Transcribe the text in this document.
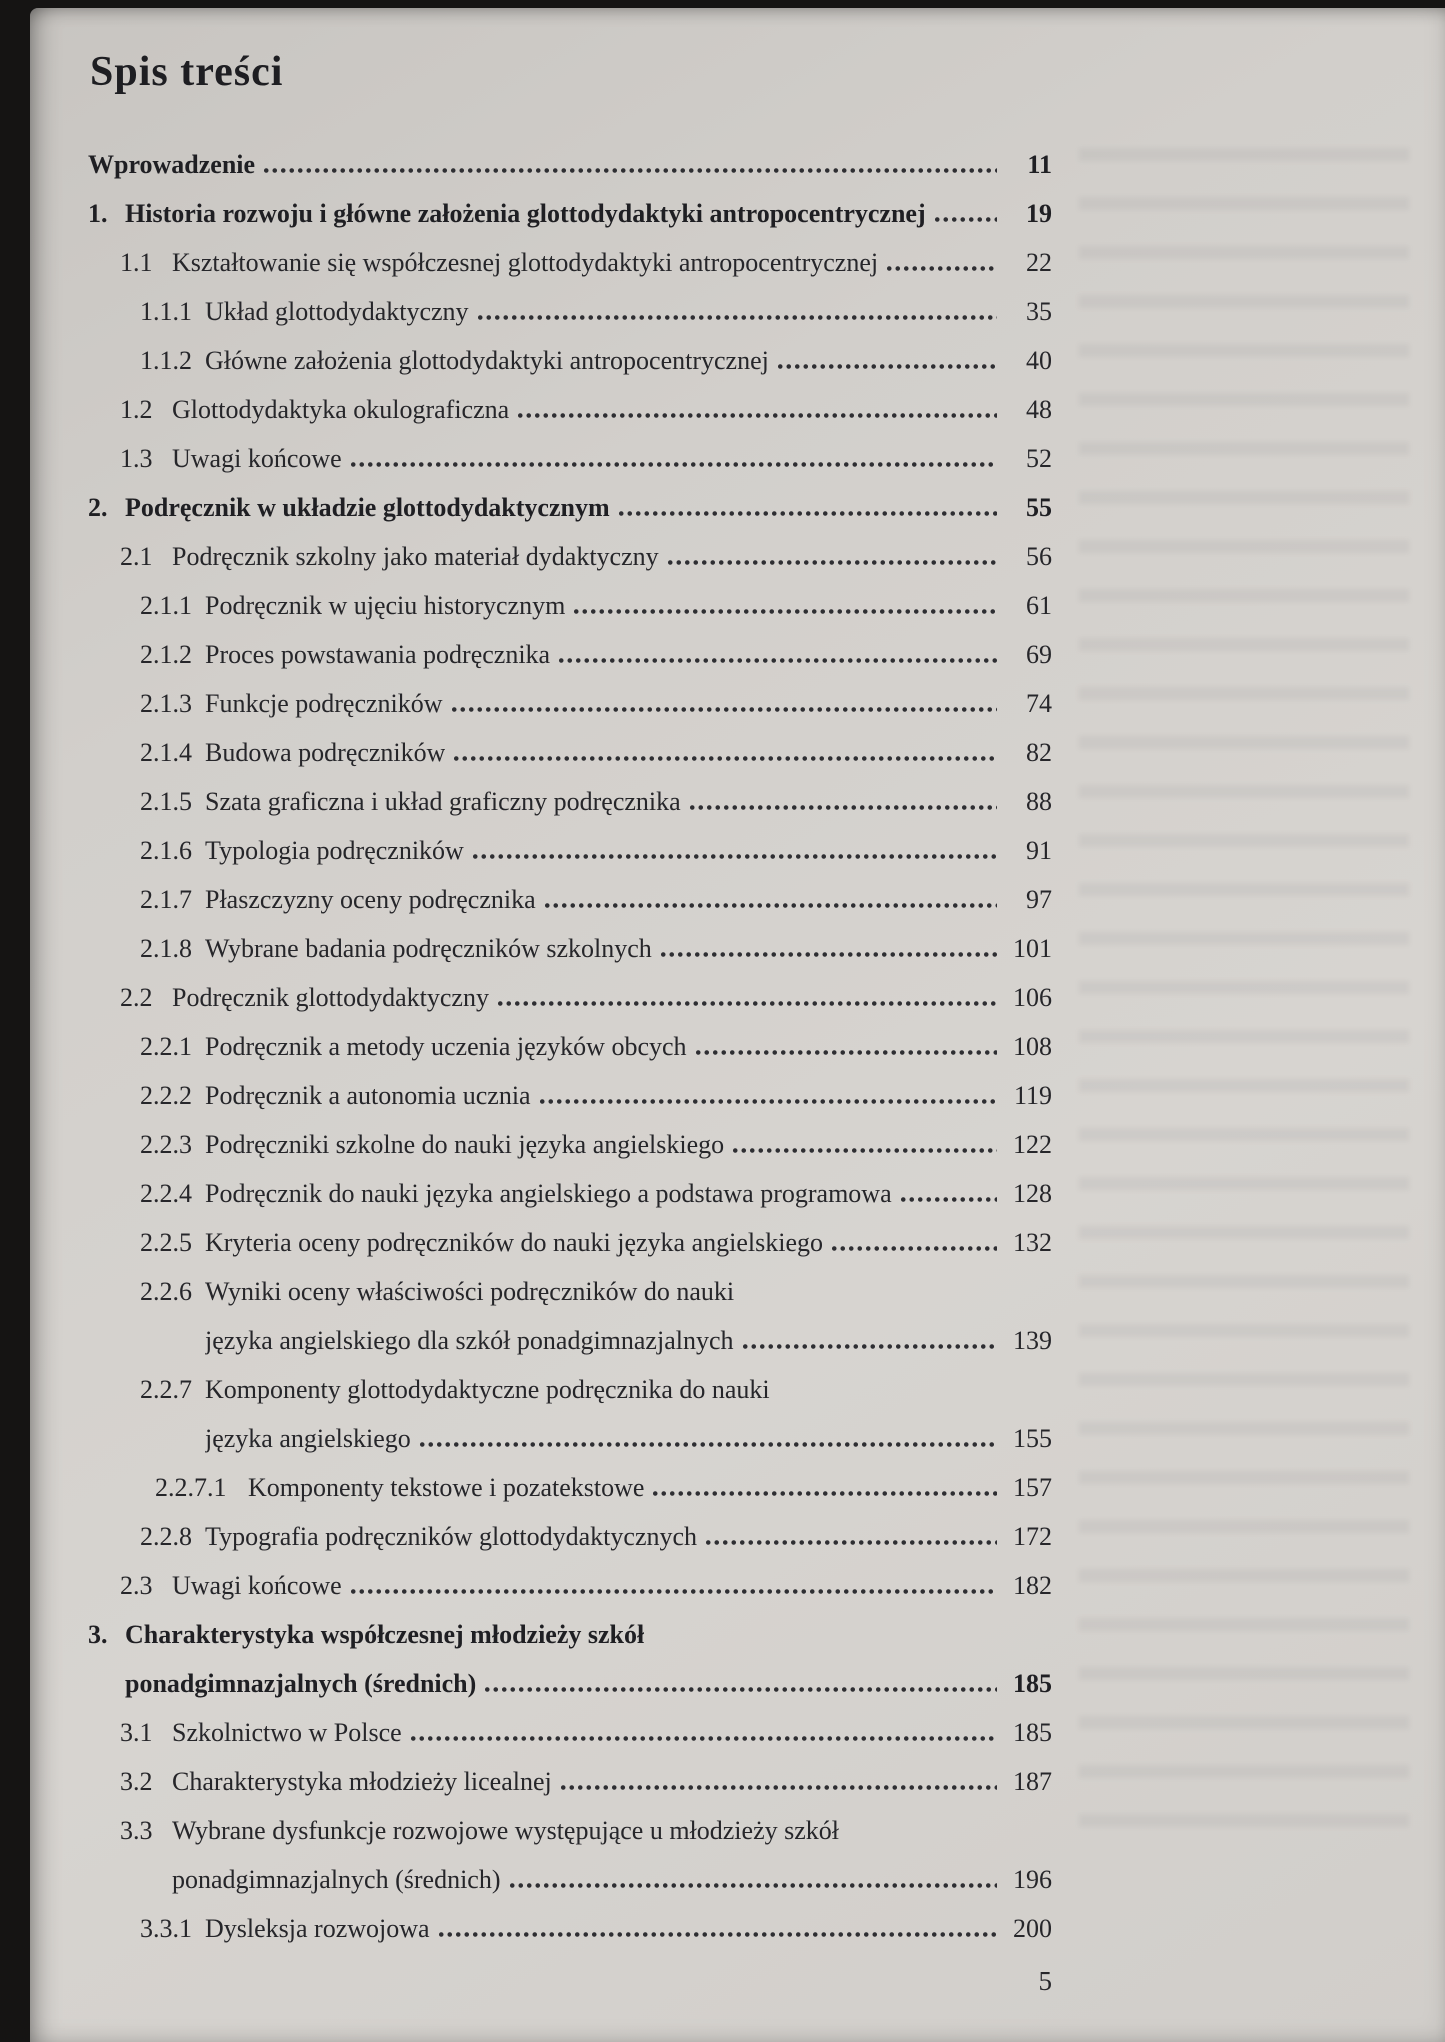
Spis treści
Wprowadzenie	11
1. Historia rozwoju i główne założenia glottodydaktyki antropocentrycznej	19
1.1 Kształtowanie się współczesnej glottodydaktyki antropocentrycznej	22
1.1.1 Układ glottodydaktyczny	35
1.1.2 Główne założenia glottodydaktyki antropocentrycznej	40
1.2 Glottodydaktyka okulograficzna	48
1.3 Uwagi końcowe	52
2. Podręcznik w układzie glottodydaktycznym	55
2.1 Podręcznik szkolny jako materiał dydaktyczny	56
2.1.1 Podręcznik w ujęciu historycznym	61
2.1.2 Proces powstawania podręcznika	69
2.1.3 Funkcje podręczników	74
2.1.4 Budowa podręczników	82
2.1.5 Szata graficzna i układ graficzny podręcznika	88
2.1.6 Typologia podręczników	91
2.1.7 Płaszczyzny oceny podręcznika	97
2.1.8 Wybrane badania podręczników szkolnych	101
2.2 Podręcznik glottodydaktyczny	106
2.2.1 Podręcznik a metody uczenia języków obcych	108
2.2.2 Podręcznik a autonomia ucznia	119
2.2.3 Podręczniki szkolne do nauki języka angielskiego	122
2.2.4 Podręcznik do nauki języka angielskiego a podstawa programowa	128
2.2.5 Kryteria oceny podręczników do nauki języka angielskiego	132
2.2.6 Wyniki oceny właściwości podręczników do nauki
języka angielskiego dla szkół ponadgimnazjalnych	139
2.2.7 Komponenty glottodydaktyczne podręcznika do nauki
języka angielskiego	155
2.2.7.1 Komponenty tekstowe i pozatekstowe	157
2.2.8 Typografia podręczników glottodydaktycznych	172
2.3 Uwagi końcowe	182
3. Charakterystyka współczesnej młodzieży szkół
ponadgimnazjalnych (średnich)	185
3.1 Szkolnictwo w Polsce	185
3.2 Charakterystyka młodzieży licealnej	187
3.3 Wybrane dysfunkcje rozwojowe występujące u młodzieży szkół
ponadgimnazjalnych (średnich)	196
3.3.1 Dysleksja rozwojowa	200
5
